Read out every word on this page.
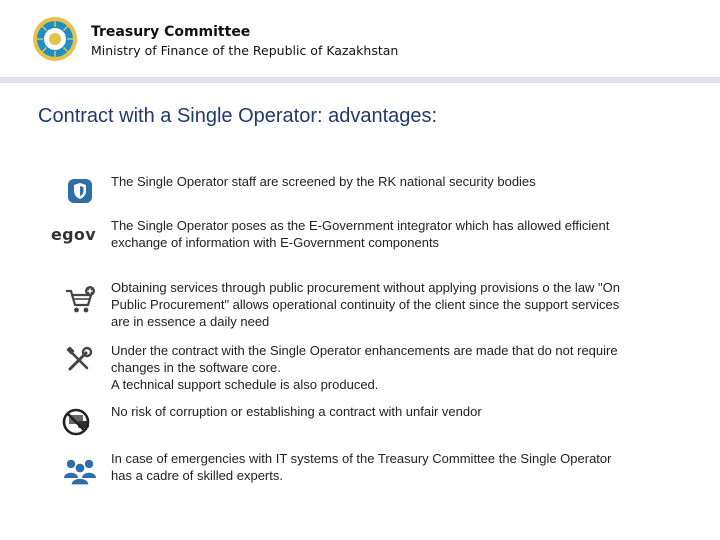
Treasury Committee
Ministry of Finance of the Republic of Kazakhstan
Contract with a Single Operator: advantages:
The Single Operator staff are screened by the RK national security bodies
egov	The Single Operator poses as the E-Government integrator which has allowed efficient
exchange of information with E-Government components
Obtaining services through public procurement without applying provisions o the law "On
Public Procurement" allows operational continuity of the client since the support services
are in essence a daily need
Under the contract with the Single Operator enhancements are made that do not require
changes in the software core.
A technical support schedule is also produced.
No risk of corruption or establishing a contract with unfair vendor
In case of emergencies with IT systems of the Treasury Committee the Single Operator
has a cadre of skilled experts.
